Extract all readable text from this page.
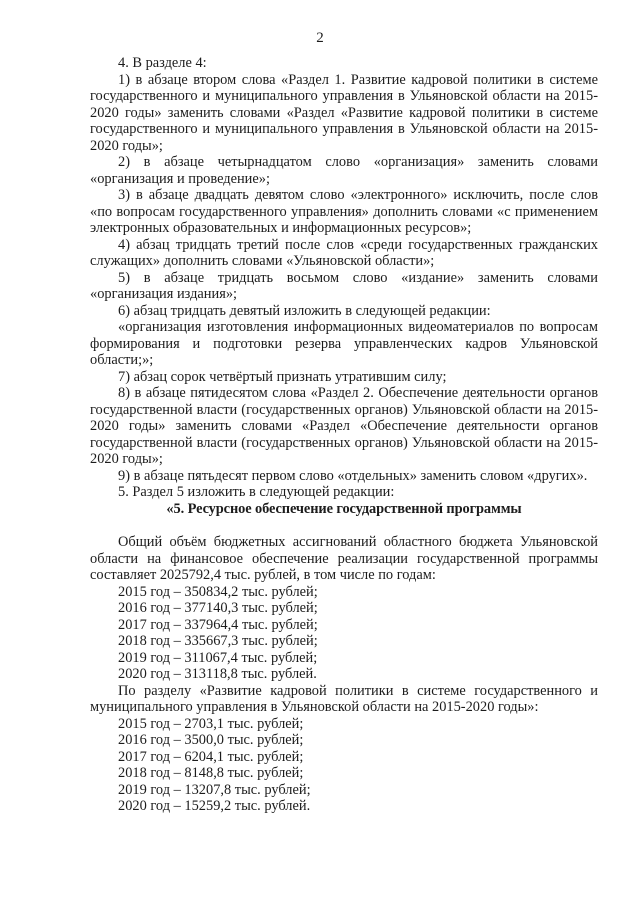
2

4. В разделе 4:

1) в абзаце втором слова «Раздел 1. Развитие кадровой политики в системе государственного и муниципального управления в Ульяновской области на 2015-2020 годы» заменить словами «Раздел «Развитие кадровой политики в системе государственного и муниципального управления в Ульяновской области на 2015-2020 годы»;

2) в абзаце четырнадцатом слово «организация» заменить словами «организация и проведение»;

3) в абзаце двадцать девятом слово «электронного» исключить, после слов «по вопросам государственного управления» дополнить словами «с применением электронных образовательных и информационных ресурсов»;

4) абзац тридцать третий после слов «среди государственных гражданских служащих» дополнить словами «Ульяновской области»;

5) в абзаце тридцать восьмом слово «издание» заменить словами «организация издания»;

6) абзац тридцать девятый изложить в следующей редакции:

«организация изготовления информационных видеоматериалов по вопросам формирования и подготовки резерва управленческих кадров Ульяновской области;»;

7) абзац сорок четвёртый признать утратившим силу;

8) в абзаце пятидесятом слова «Раздел 2. Обеспечение деятельности органов государственной власти (государственных органов) Ульяновской области на 2015-2020 годы» заменить словами «Раздел «Обеспечение деятельности органов государственной власти (государственных органов) Ульяновской области на 2015-2020 годы»;

9) в абзаце пятьдесят первом слово «отдельных» заменить словом «других».

5. Раздел 5 изложить в следующей редакции:

«5. Ресурсное обеспечение государственной программы

Общий объём бюджетных ассигнований областного бюджета Ульяновской области на финансовое обеспечение реализации государственной программы составляет 2025792,4 тыс. рублей, в том числе по годам:

2015 год – 350834,2 тыс. рублей;

2016 год – 377140,3 тыс. рублей;

2017 год – 337964,4 тыс. рублей;

2018 год – 335667,3 тыс. рублей;

2019 год – 311067,4 тыс. рублей;

2020 год – 313118,8 тыс. рублей.

По разделу «Развитие кадровой политики в системе государственного и муниципального управления в Ульяновской области на 2015-2020 годы»:

2015 год – 2703,1 тыс. рублей;

2016 год – 3500,0 тыс. рублей;

2017 год – 6204,1 тыс. рублей;

2018 год – 8148,8 тыс. рублей;

2019 год – 13207,8 тыс. рублей;

2020 год – 15259,2 тыс. рублей.
